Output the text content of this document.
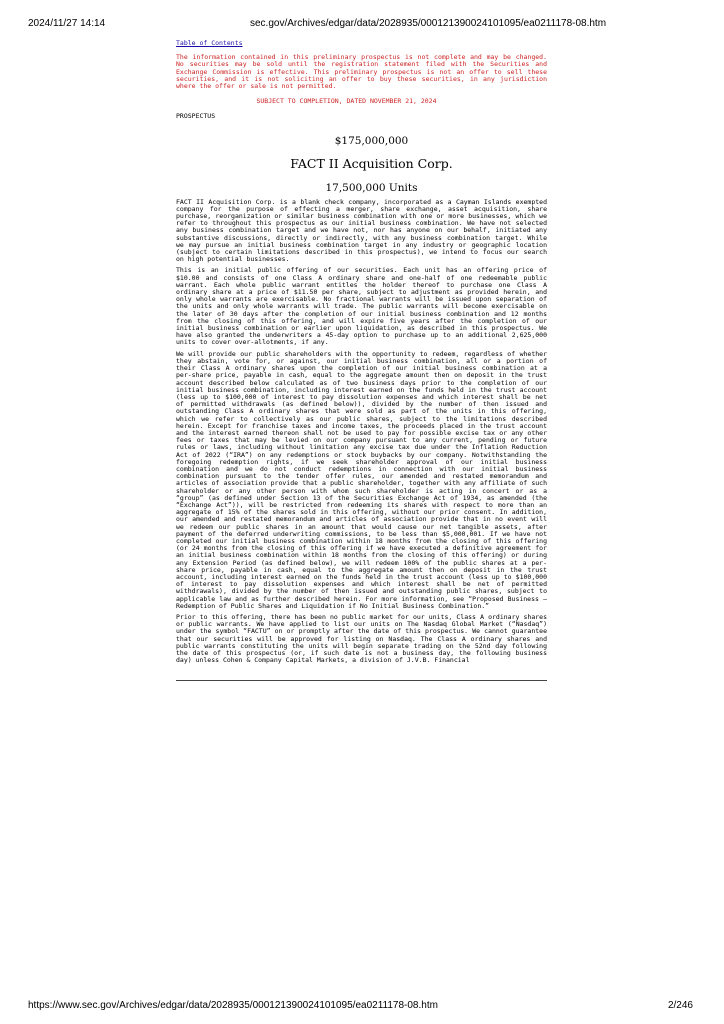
2024/11/27 14:14	sec.gov/Archives/edgar/data/2028935/000121390024101095/ea0211178-08.htm
Table of Contents

The information contained in this preliminary prospectus is not complete and may be changed. No securities may be sold until the registration statement filed with the Securities and Exchange Commission is effective. This preliminary prospectus is not an offer to sell these securities, and it is not soliciting an offer to buy these securities, in any jurisdiction where the offer or sale is not permitted.

SUBJECT TO COMPLETION, DATED NOVEMBER 21, 2024
PROSPECTUS
$175,000,000
FACT II Acquisition Corp.
17,500,000 Units

FACT II Acquisition Corp. is a blank check company, incorporated as a Cayman Islands exempted company for the purpose of effecting a merger, share exchange, asset acquisition, share purchase, reorganization or similar business combination with one or more businesses, which we refer to throughout this prospectus as our initial business combination. We have not selected any business combination target and we have not, nor has anyone on our behalf, initiated any substantive discussions, directly or indirectly, with any business combination target. While we may pursue an initial business combination target in any industry or geographic location (subject to certain limitations described in this prospectus), we intend to focus our search on high potential businesses.

This is an initial public offering of our securities. Each unit has an offering price of $10.00 and consists of one Class A ordinary share and one-half of one redeemable public warrant. Each whole public warrant entitles the holder thereof to purchase one Class A ordinary share at a price of $11.50 per share, subject to adjustment as provided herein, and only whole warrants are exercisable. No fractional warrants will be issued upon separation of the units and only whole warrants will trade. The public warrants will become exercisable on the later of 30 days after the completion of our initial business combination and 12 months from the closing of this offering, and will expire five years after the completion of our initial business combination or earlier upon liquidation, as described in this prospectus. We have also granted the underwriters a 45-day option to purchase up to an additional 2,625,000 units to cover over-allotments, if any.

We will provide our public shareholders with the opportunity to redeem, regardless of whether they abstain, vote for, or against, our initial business combination, all or a portion of their Class A ordinary shares upon the completion of our initial business combination at a per-share price, payable in cash, equal to the aggregate amount then on deposit in the trust account described below calculated as of two business days prior to the completion of our initial business combination, including interest earned on the funds held in the trust account (less up to $100,000 of interest to pay dissolution expenses and which interest shall be net of permitted withdrawals (as defined below)), divided by the number of then issued and outstanding Class A ordinary shares that were sold as part of the units in this offering, which we refer to collectively as our public shares, subject to the limitations described herein. Except for franchise taxes and income taxes, the proceeds placed in the trust account and the interest earned thereon shall not be used to pay for possible excise tax or any other fees or taxes that may be levied on our company pursuant to any current, pending or future rules or laws, including without limitation any excise tax due under the Inflation Reduction Act of 2022 (“IRA”) on any redemptions or stock buybacks by our company. Notwithstanding the foregoing redemption rights, if we seek shareholder approval of our initial business combination and we do not conduct redemptions in connection with our initial business combination pursuant to the tender offer rules, our amended and restated memorandum and articles of association provide that a public shareholder, together with any affiliate of such shareholder or any other person with whom such shareholder is acting in concert or as a “group” (as defined under Section 13 of the Securities Exchange Act of 1934, as amended (the “Exchange Act”)), will be restricted from redeeming its shares with respect to more than an aggregate of 15% of the shares sold in this offering, without our prior consent. In addition, our amended and restated memorandum and articles of association provide that in no event will we redeem our public shares in an amount that would cause our net tangible assets, after payment of the deferred underwriting commissions, to be less than $5,000,001. If we have not completed our initial business combination within 18 months from the closing of this offering (or 24 months from the closing of this offering if we have executed a definitive agreement for an initial business combination within 18 months from the closing of this offering) or during any Extension Period (as defined below), we will redeem 100% of the public shares at a per-share price, payable in cash, equal to the aggregate amount then on deposit in the trust account, including interest earned on the funds held in the trust account (less up to $100,000 of interest to pay dissolution expenses and which interest shall be net of permitted withdrawals), divided by the number of then issued and outstanding public shares, subject to applicable law and as further described herein. For more information, see “Proposed Business — Redemption of Public Shares and Liquidation if No Initial Business Combination.”

Prior to this offering, there has been no public market for our units, Class A ordinary shares or public warrants. We have applied to list our units on The Nasdaq Global Market (“Nasdaq”) under the symbol “FACTU” on or promptly after the date of this prospectus. We cannot guarantee that our securities will be approved for listing on Nasdaq. The Class A ordinary shares and public warrants constituting the units will begin separate trading on the 52nd day following the date of this prospectus (or, if such date is not a business day, the following business day) unless Cohen & Company Capital Markets, a division of J.V.B. Financial

https://www.sec.gov/Archives/edgar/data/2028935/000121390024101095/ea0211178-08.htm	2/246
